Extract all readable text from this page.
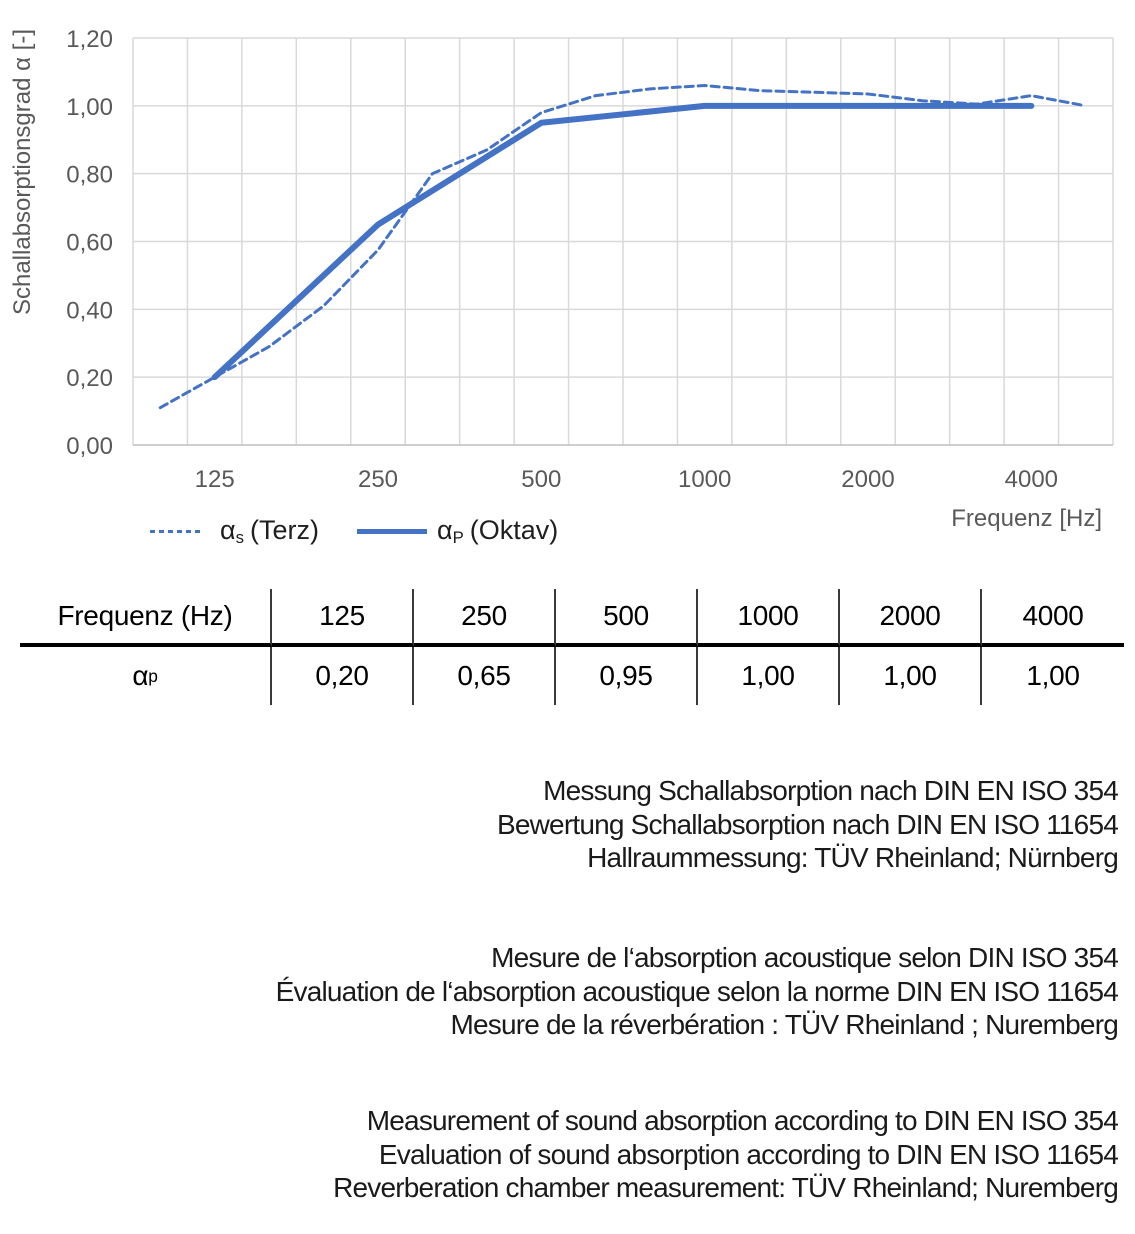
0,00
0,20
0,40
0,60
0,80
1,00
1,20
125	250	500	1000	2000	4000
Schallabsorptionsgrad α [-]
$\alpha_s$ (Terz)	$\alpha_P$ (Oktav)	Frequenz [Hz]
Frequenz (Hz)	125	250	500	1000	2000	4000
α p	0,20	0,65	0,95	1,00	1,00	1,00
Messung Schallabsorption nach DIN EN ISO 354
Bewertung Schallabsorption nach DIN EN ISO 11654
Hallraummessung: TÜV Rheinland; Nürnberg
Mesure de l‘absorption acoustique selon DIN ISO 354
Évaluation de l‘absorption acoustique selon la norme DIN EN ISO 11654
Mesure de la réverbération : TÜV Rheinland ; Nuremberg
Measurement of sound absorption according to DIN EN ISO 354
Evaluation of sound absorption according to DIN EN ISO 11654
Reverberation chamber measurement: TÜV Rheinland; Nuremberg
